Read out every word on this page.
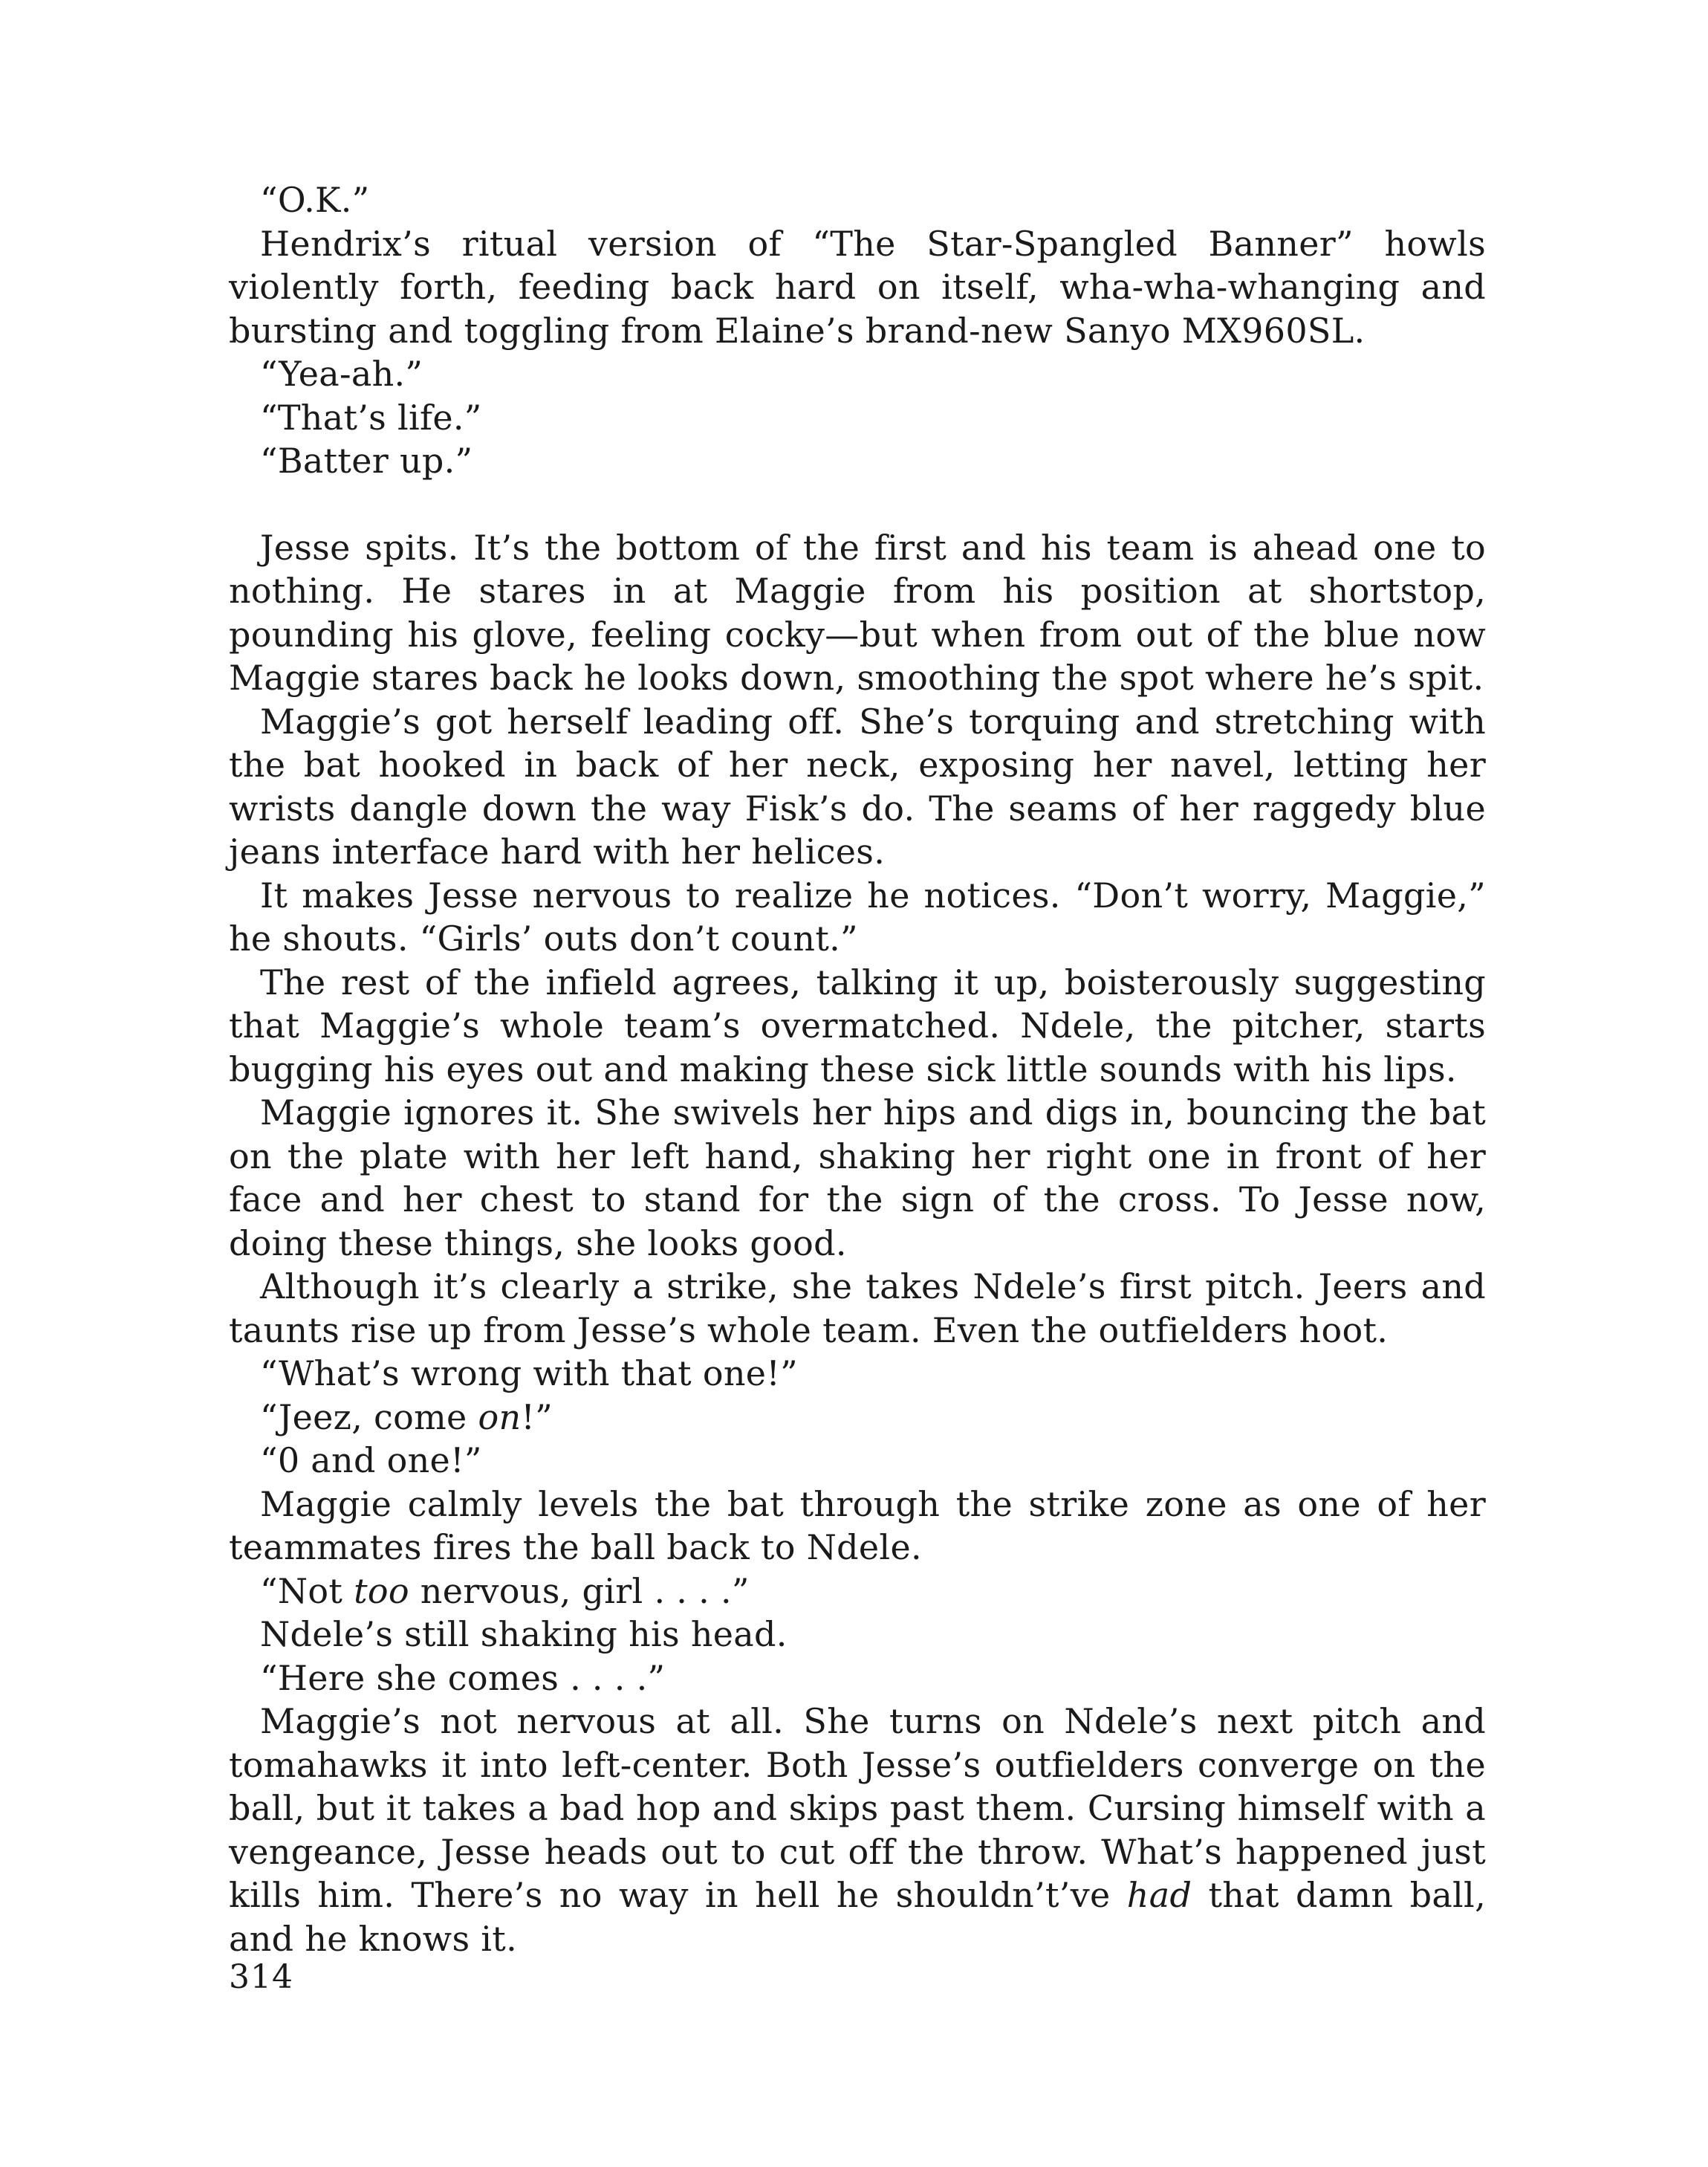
“O.K.”

Hendrix’s ritual version of “The Star-Spangled Banner” howls violently forth, feeding back hard on itself, wha-wha-whanging and bursting and toggling from Elaine’s brand-new Sanyo MX960SL.

“Yea-ah.”

“That’s life.”

“Batter up.”

Jesse spits. It’s the bottom of the first and his team is ahead one to nothing. He stares in at Maggie from his position at shortstop, pounding his glove, feeling cocky—but when from out of the blue now Maggie stares back he looks down, smoothing the spot where he’s spit.

Maggie’s got herself leading off. She’s torquing and stretching with the bat hooked in back of her neck, exposing her navel, letting her wrists dangle down the way Fisk’s do. The seams of her raggedy blue jeans interface hard with her helices.

It makes Jesse nervous to realize he notices. “Don’t worry, Maggie,” he shouts. “Girls’ outs don’t count.”

The rest of the infield agrees, talking it up, boisterously suggesting that Maggie’s whole team’s overmatched. Ndele, the pitcher, starts bugging his eyes out and making these sick little sounds with his lips.

Maggie ignores it. She swivels her hips and digs in, bouncing the bat on the plate with her left hand, shaking her right one in front of her face and her chest to stand for the sign of the cross. To Jesse now, doing these things, she looks good.

Although it’s clearly a strike, she takes Ndele’s first pitch. Jeers and taunts rise up from Jesse’s whole team. Even the outfielders hoot.

“What’s wrong with that one!”

“Jeez, come on!”

“0 and one!”

Maggie calmly levels the bat through the strike zone as one of her teammates fires the ball back to Ndele.

“Not too nervous, girl . . . .”

Ndele’s still shaking his head.

“Here she comes . . . .”

Maggie’s not nervous at all. She turns on Ndele’s next pitch and tomahawks it into left-center. Both Jesse’s outfielders converge on the ball, but it takes a bad hop and skips past them. Cursing himself with a vengeance, Jesse heads out to cut off the throw. What’s happened just kills him. There’s no way in hell he shouldn’t’ve had that damn ball, and he knows it.

314
